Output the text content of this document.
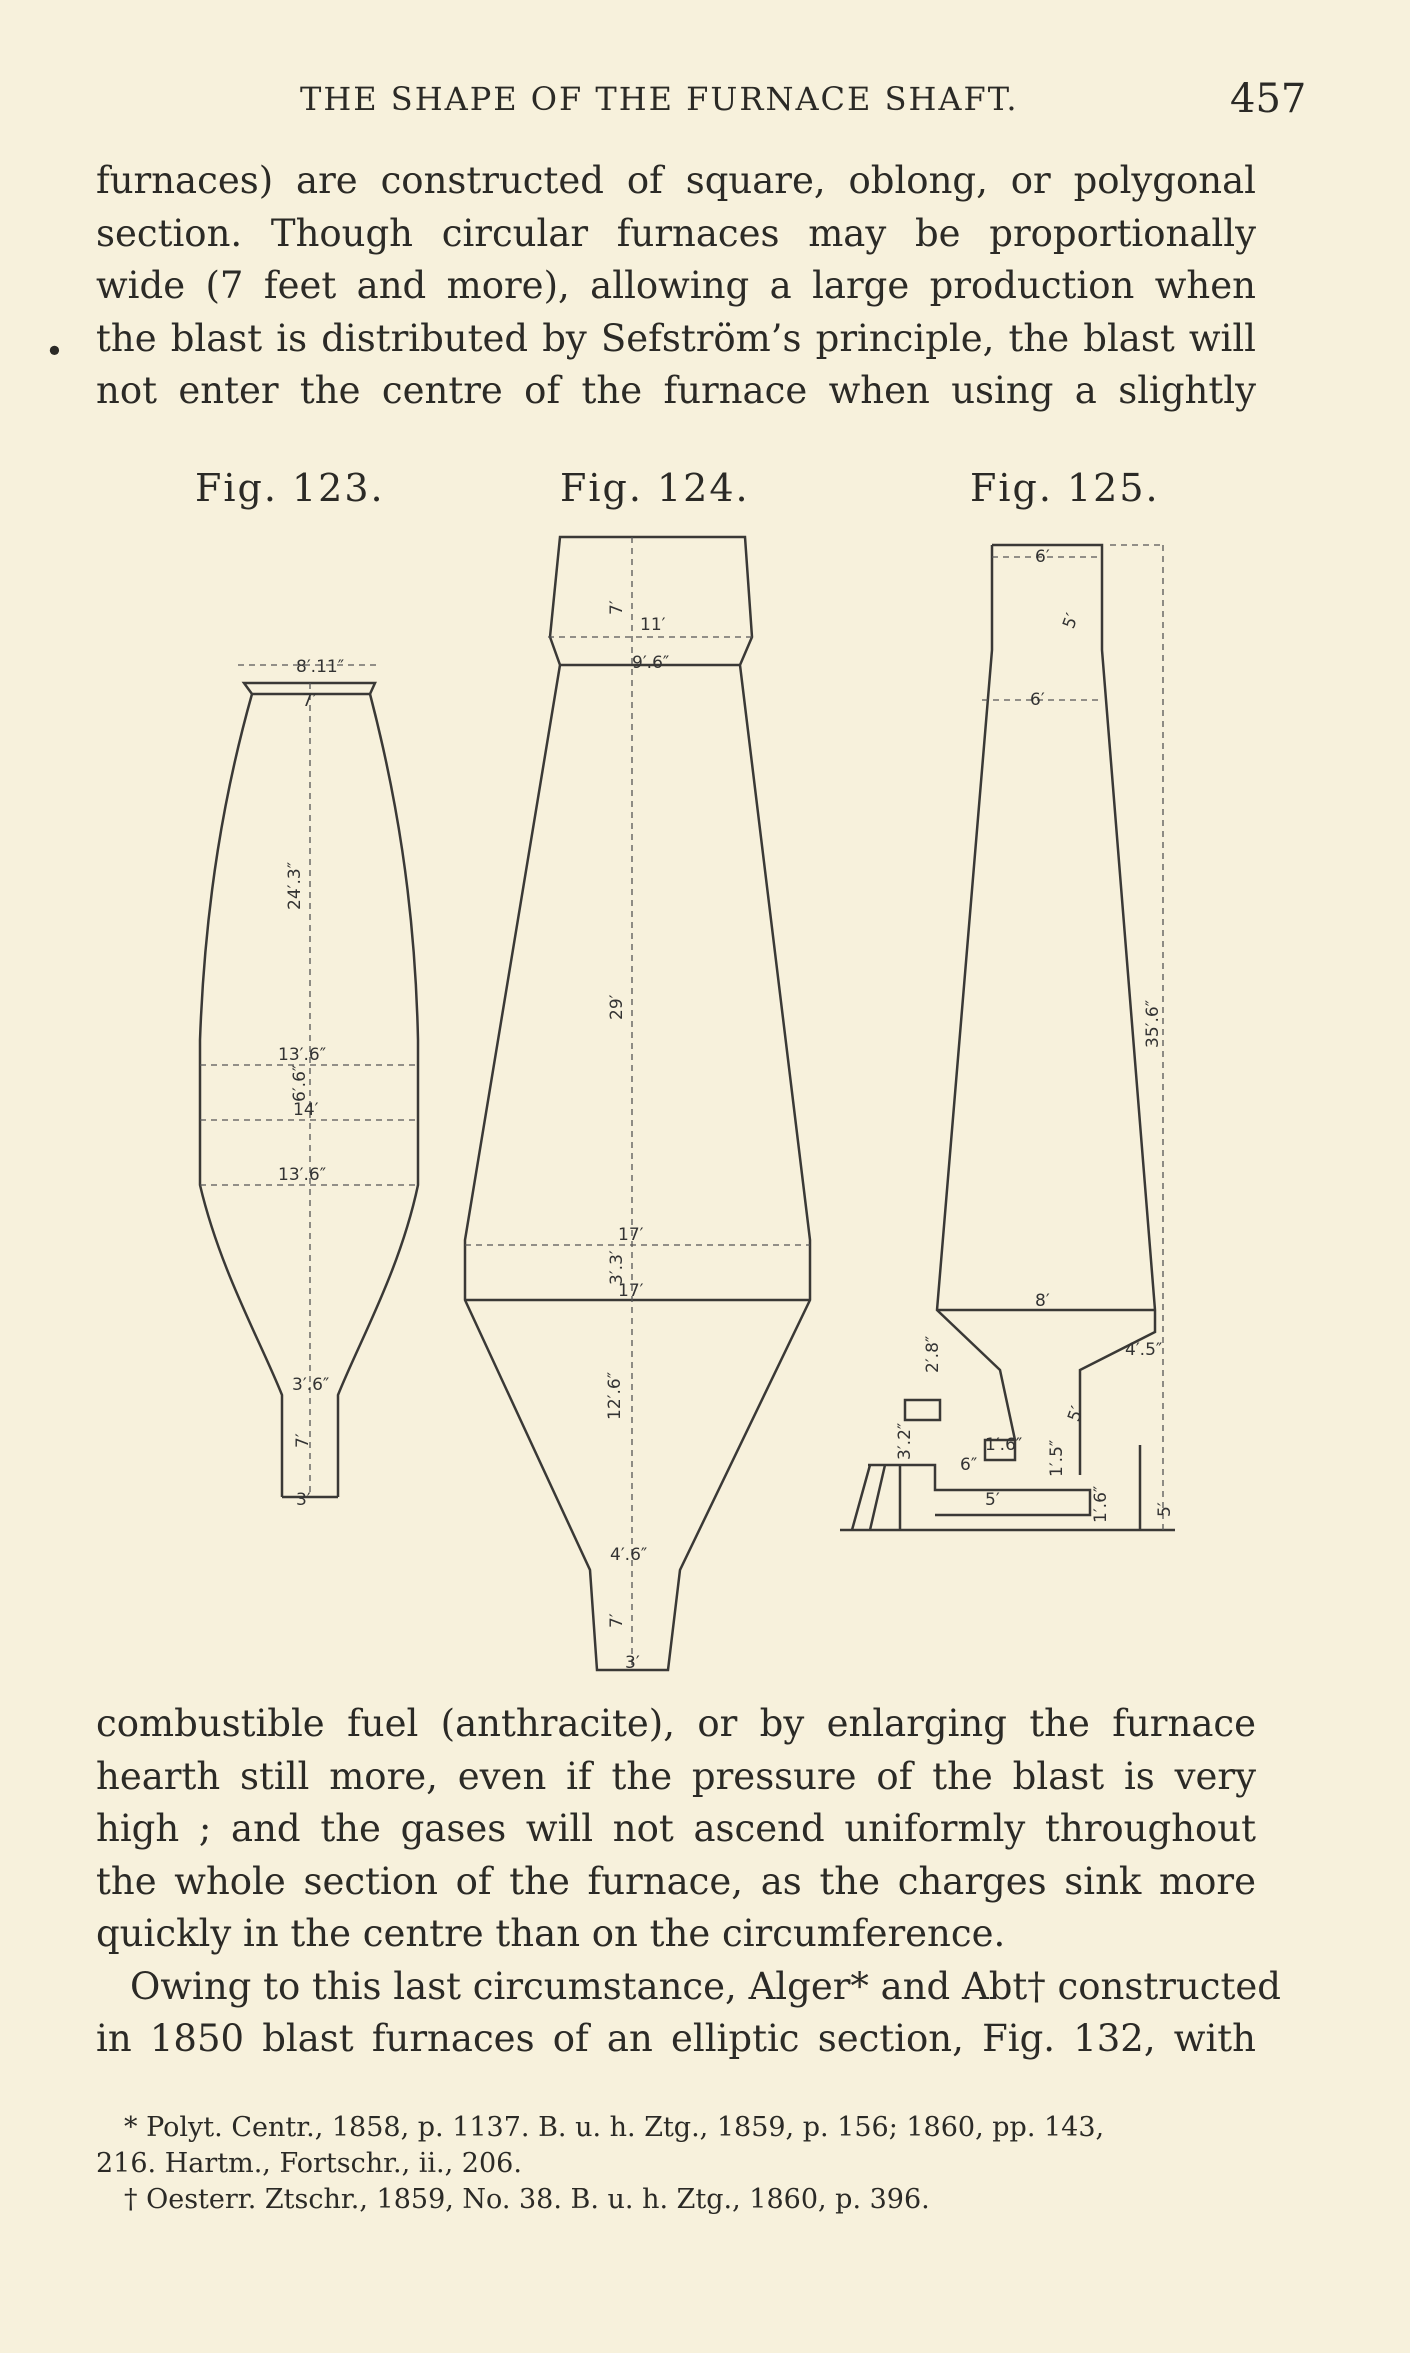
THE SHAPE OF THE FURNACE SHAFT.	457
•
furnaces) are constructed of square, oblong, or polygonal
section. Though circular furnaces may be proportionally
wide (7 feet and more), allowing a large production when
the blast is distributed by Sefström’s principle, the blast will
not enter the centre of the furnace when using a slightly
Fig. 123.	Fig. 124.	Fig. 125.
8′.11″
7′
24′.3″
13′.6″
6′.6″
14′
13′.6″
3′.6″
7′
3′
7′
11′
9′.6″
29′
17′
3′.3′
17′
12′.6″
4′.6″
7′
3′
6′
5′
6′
35′.6″
8′
4′.5″
2′.8″
3′.2″	1′.6″
6″
5′
1′.6″
5′
1′.5″
5′
combustible fuel (anthracite), or by enlarging the furnace
hearth still more, even if the pressure of the blast is very
high ; and the gases will not ascend uniformly throughout
the whole section of the furnace, as the charges sink more
quickly in the centre than on the circumference.
Owing to this last circumstance, Alger* and Abt† constructed
in 1850 blast furnaces of an elliptic section, Fig. 132, with
* Polyt. Centr., 1858, p. 1137. B. u. h. Ztg., 1859, p. 156; 1860, pp. 143,
216. Hartm., Fortschr., ii., 206.
† Oesterr. Ztschr., 1859, No. 38. B. u. h. Ztg., 1860, p. 396.
